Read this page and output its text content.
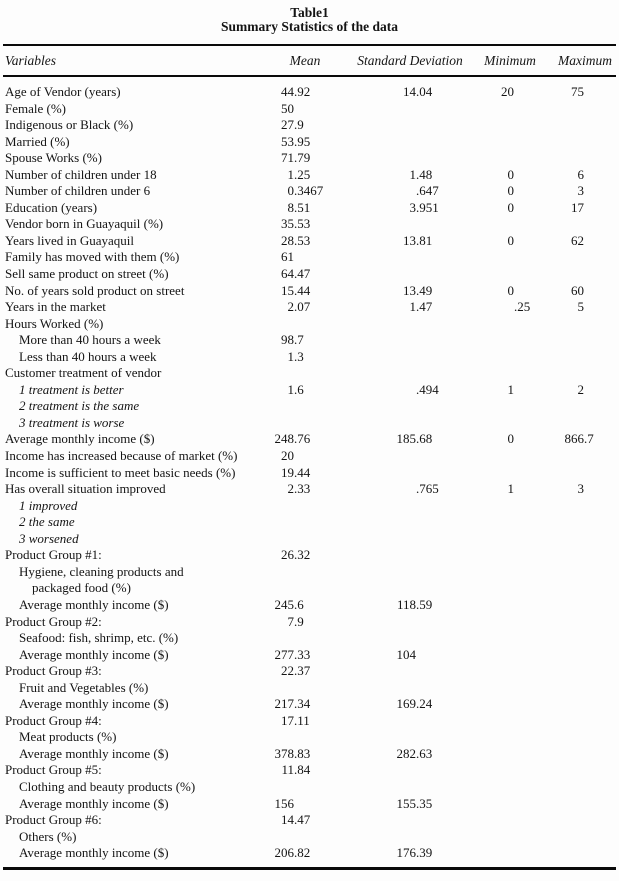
Table1
Summary Statistics of the data
Variables	Mean	Standard Deviation	Minimum	Maximum
Age of Vendor (years)	44 .92	14 .04	20	75
Female (%)	50
Indigenous or Black (%)	27 .9
Married (%)	53 .95
Spouse Works (%)	71 .79
Number of children under 18	1 .25	1 .48	0	6
Number of children under 6	0 .3467	.647	0	3
Education (years)	8 .51	3 .951	0	17
Vendor born in Guayaquil (%)	35 .53
Years lived in Guayaquil	28 .53	13 .81	0	62
Family has moved with them (%)	61
Sell same product on street (%)	64 .47
No. of years sold product on street	15 .44	13 .49	0	60
Years in the market	2 .07	1 .47	.25	5
Hours Worked (%)
More than 40 hours a week	98 .7
Less than 40 hours a week	1 .3
Customer treatment of vendor
1 treatment is better	1 .6	.494	1	2
2 treatment is the same
3 treatment is worse
Average monthly income ($)	248 .76	185 .68	0	866 .7
Income has increased because of market (%)	20
Income is sufficient to meet basic needs (%)	19 .44
Has overall situation improved	2 .33	.765	1	3
1 improved
2 the same
3 worsened
Product Group #1:	26 .32
Hygiene, cleaning products and
packaged food (%)
Average monthly income ($)	245 .6	118 .59
Product Group #2:	7 .9
Seafood: fish, shrimp, etc. (%)
Average monthly income ($)	277 .33	104
Product Group #3:	22 .37
Fruit and Vegetables (%)
Average monthly income ($)	217 .34	169 .24
Product Group #4:	17 .11
Meat products (%)
Average monthly income ($)	378 .83	282 .63
Product Group #5:	11 .84
Clothing and beauty products (%)
Average monthly income ($)	156	155 .35
Product Group #6:	14 .47
Others (%)
Average monthly income ($)	206 .82	176 .39
